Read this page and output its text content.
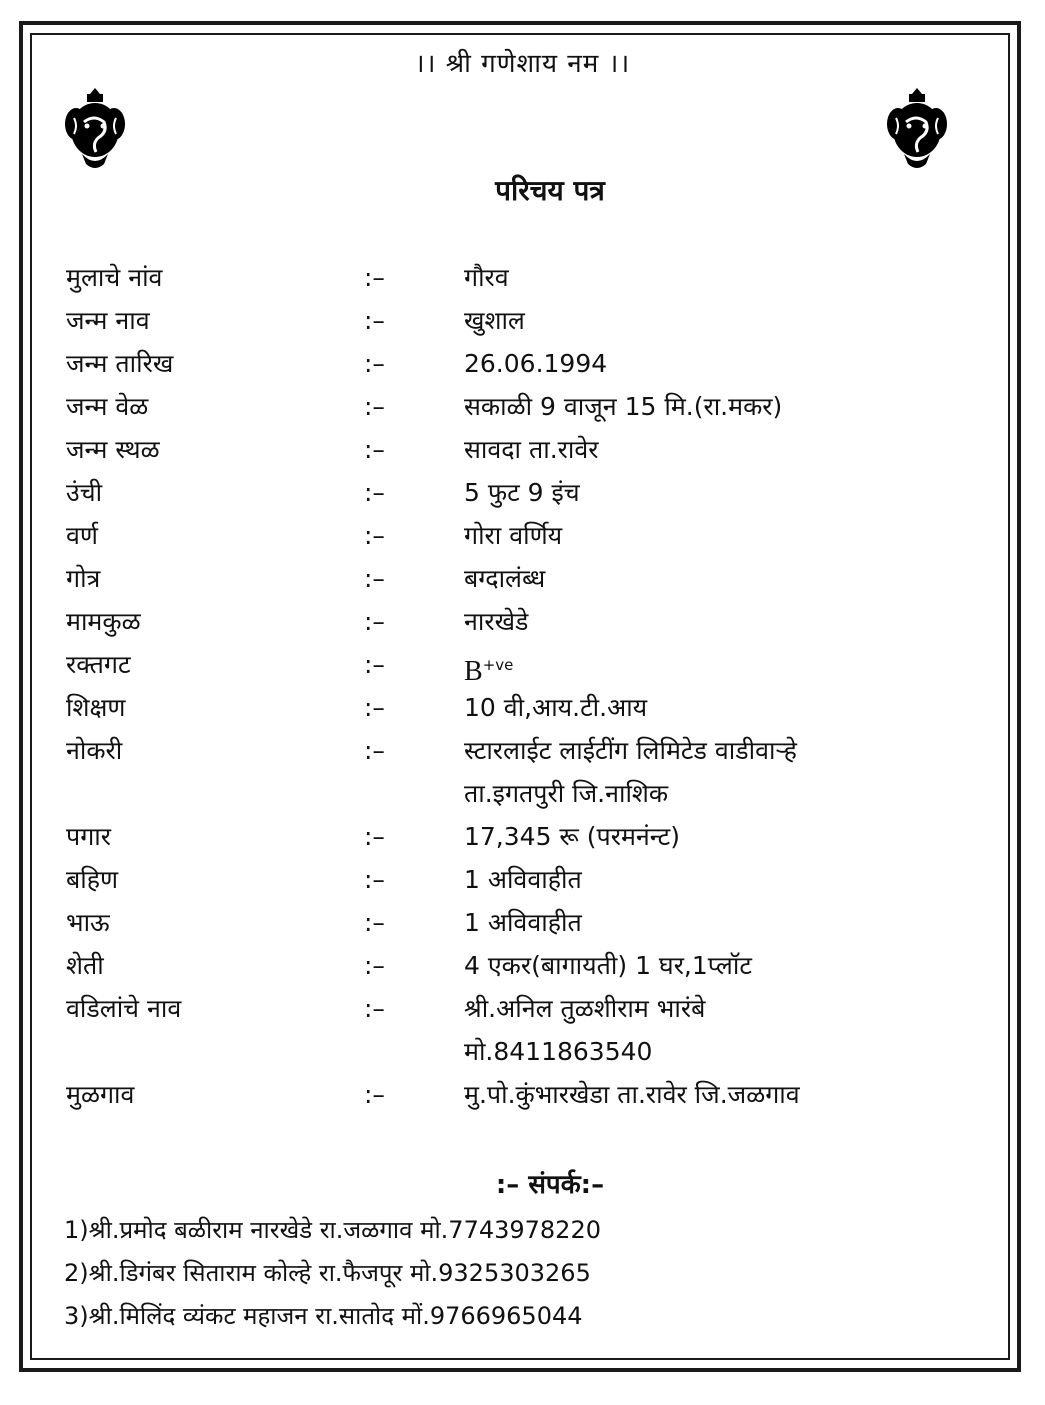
।। श्री गणेशाय नम ।।
परिचय पत्र
मुलाचे नांव	:–	गौरव
जन्म नाव	:–	खुशाल
जन्म तारिख	:–	26.06.1994
जन्म वेळ	:–	सकाळी 9 वाजून 15 मि.(रा.मकर)
जन्म स्थळ	:–	सावदा ता.रावेर
उंची	:–	5 फुट 9 इंच
वर्ण	:–	गोरा वर्णिय
गोत्र	:–	बग्दालंब्ध
मामकुळ	:–	नारखेडे
रक्तगट	:–	$B^{+ve}$
शिक्षण	:–	10 वी,आय.टी.आय
नोकरी	:–	स्टारलाईट लाईटींग लिमिटेड वाडीवाऱ्हे
ता.इगतपुरी जि.नाशिक
पगार	:–	17,345 रू (परमनंन्ट)
बहिण	:–	1 अविवाहीत
भाऊ	:–	1 अविवाहीत
शेती	:–	4 एकर(बागायती) 1 घर,1प्लॉट
वडिलांचे नाव	:–	श्री.अनिल तुळशीराम भारंबे
मो.8411863540
मुळगाव	:–	मु.पो.कुंभारखेडा ता.रावेर जि.जळगाव
:– संपर्क:–
1)श्री.प्रमोद बळीराम नारखेडे रा.जळगाव मो.7743978220
2)श्री.डिगंबर सिताराम कोल्हे रा.फैजपूर मो.9325303265
3)श्री.मिलिंद व्यंकट महाजन रा.सातोद मों.9766965044
